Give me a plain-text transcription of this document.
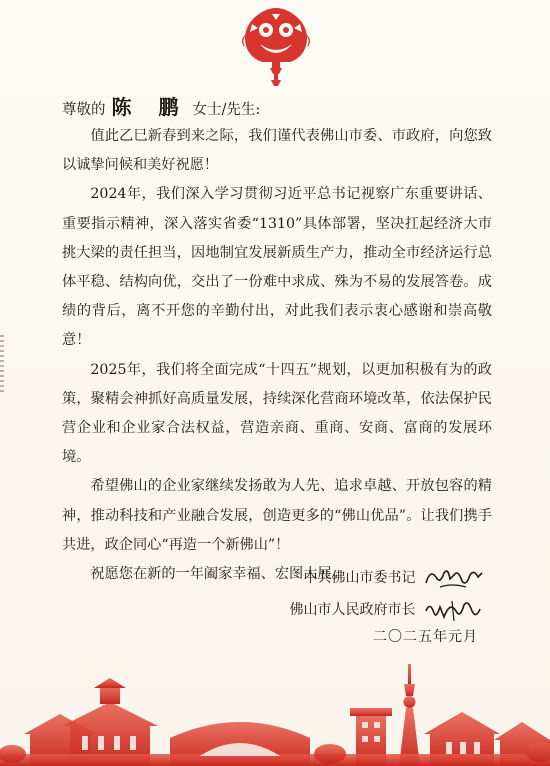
尊敬的 陈 鹏 女士/先生:

值此乙巳新春到来之际，我们谨代表佛山市委、市政府，向您致以诚挚问候和美好祝愿！

2024年，我们深入学习贯彻习近平总书记视察广东重要讲话、重要指示精神，深入落实省委“1310”具体部署，坚决扛起经济大市挑大梁的责任担当，因地制宜发展新质生产力，推动全市经济运行总体平稳、结构向优，交出了一份难中求成、殊为不易的发展答卷。成绩的背后，离不开您的辛勤付出，对此我们表示衷心感谢和崇高敬意！

2025年，我们将全面完成“十四五”规划，以更加积极有为的政策，聚精会神抓好高质量发展，持续深化营商环境改革，依法保护民营企业和企业家合法权益，营造亲商、重商、安商、富商的发展环境。

希望佛山的企业家继续发扬敢为人先、追求卓越、开放包容的精神，推动科技和产业融合发展，创造更多的“佛山优品”。让我们携手共进，政企同心“再造一个新佛山”！

祝愿您在新的一年阖家幸福、宏图大展。

中共佛山市委书记
佛山市人民政府市长
二〇二五年元月
